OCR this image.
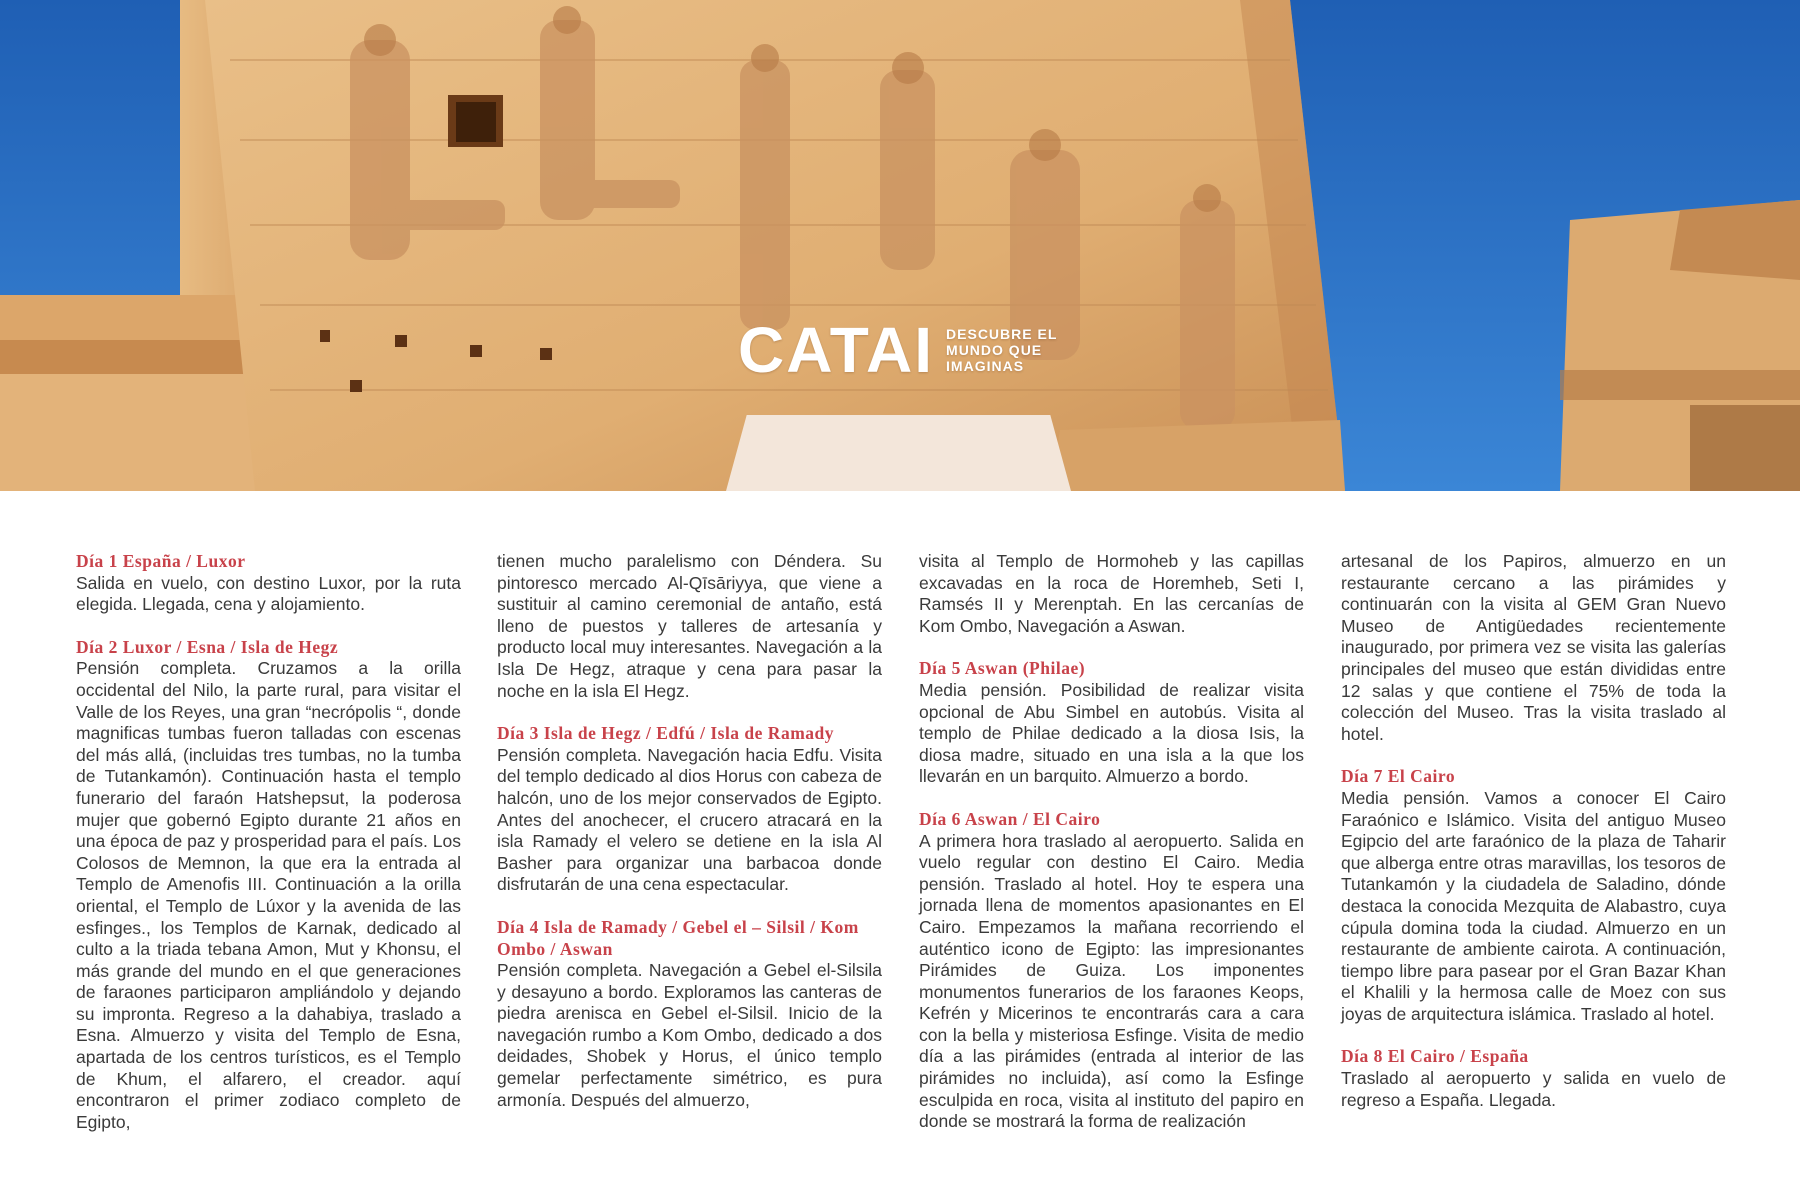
CATAI DESCUBRE EL
MUNDO QUE
IMAGINAS
Día 1 España / Luxor

Salida en vuelo, con destino Luxor, por la ruta elegida. Llegada, cena y alojamiento.

Día 2 Luxor / Esna / Isla de Hegz

Pensión completa. Cruzamos a la orilla occidental del Nilo, la parte rural, para visitar el Valle de los Reyes, una gran “necrópolis “, donde magnificas tumbas fueron talladas con escenas del más allá, (incluidas tres tumbas, no la tumba de Tutankamón). Continuación hasta el templo funerario del faraón Hatshepsut, la poderosa mujer que gobernó Egipto durante 21 años en una época de paz y prosperidad para el país. Los Colosos de Memnon, la que era la entrada al Templo de Amenofis III. Continuación a la orilla oriental, el Templo de Lúxor y la avenida de las esfinges., los Templos de Karnak, dedicado al culto a la triada tebana Amon, Mut y Khonsu, el más grande del mundo en el que generaciones de faraones participaron ampliándolo y dejando su impronta. Regreso a la dahabiya, traslado a Esna. Almuerzo y visita del Templo de Esna, apartada de los centros turísticos, es el Templo de Khum, el alfarero, el creador. aquí encontraron el primer zodiaco completo de Egipto,

tienen mucho paralelismo con Déndera. Su pintoresco mercado Al-Qīsāriyya, que viene a sustituir al camino ceremonial de antaño, está lleno de puestos y talleres de artesanía y producto local muy interesantes. Navegación a la Isla De Hegz, atraque y cena para pasar la noche en la isla El Hegz.

Día 3 Isla de Hegz / Edfú / Isla de Ramady

Pensión completa. Navegación hacia Edfu. Visita del templo dedicado al dios Horus con cabeza de halcón, uno de los mejor conservados de Egipto. Antes del anochecer, el crucero atracará en la isla Ramady el velero se detiene en la isla Al Basher para organizar una barbacoa donde disfrutarán de una cena espectacular.

Día 4 Isla de Ramady / Gebel el – Silsil / Kom Ombo / Aswan

Pensión completa. Navegación a Gebel el-Silsila y desayuno a bordo. Exploramos las canteras de piedra arenisca en Gebel el-Silsil. Inicio de la navegación rumbo a Kom Ombo, dedicado a dos deidades, Shobek y Horus, el único templo gemelar perfectamente simétrico, es pura armonía. Después del almuerzo,

visita al Templo de Hormoheb y las capillas excavadas en la roca de Horemheb, Seti I, Ramsés II y Merenptah. En las cercanías de Kom Ombo, Navegación a Aswan.

Día 5 Aswan (Philae)

Media pensión. Posibilidad de realizar visita opcional de Abu Simbel en autobús. Visita al templo de Philae dedicado a la diosa Isis, la diosa madre, situado en una isla a la que los llevarán en un barquito. Almuerzo a bordo.

Día 6 Aswan / El Cairo

A primera hora traslado al aeropuerto. Salida en vuelo regular con destino El Cairo. Media pensión. Traslado al hotel. Hoy te espera una jornada llena de momentos apasionantes en El Cairo. Empezamos la mañana recorriendo el auténtico icono de Egipto: las impresionantes Pirámides de Guiza. Los imponentes monumentos funerarios de los faraones Keops, Kefrén y Micerinos te encontrarás cara a cara con la bella y misteriosa Esfinge. Visita de medio día a las pirámides (entrada al interior de las pirámides no incluida), así como la Esfinge esculpida en roca, visita al instituto del papiro en donde se mostrará la forma de realización

artesanal de los Papiros, almuerzo en un restaurante cercano a las pirámides y continuarán con la visita al GEM Gran Nuevo Museo de Antigüedades recientemente inaugurado, por primera vez se visita las galerías principales del museo que están divididas entre 12 salas y que contiene el 75% de toda la colección del Museo. Tras la visita traslado al hotel.

Día 7 El Cairo

Media pensión. Vamos a conocer El Cairo Faraónico e Islámico. Visita del antiguo Museo Egipcio del arte faraónico de la plaza de Taharir que alberga entre otras maravillas, los tesoros de Tutankamón y la ciudadela de Saladino, dónde destaca la conocida Mezquita de Alabastro, cuya cúpula domina toda la ciudad. Almuerzo en un restaurante de ambiente cairota. A continuación, tiempo libre para pasear por el Gran Bazar Khan el Khalili y la hermosa calle de Moez con sus joyas de arquitectura islámica. Traslado al hotel.

Día 8 El Cairo / España

Traslado al aeropuerto y salida en vuelo de regreso a España. Llegada.
